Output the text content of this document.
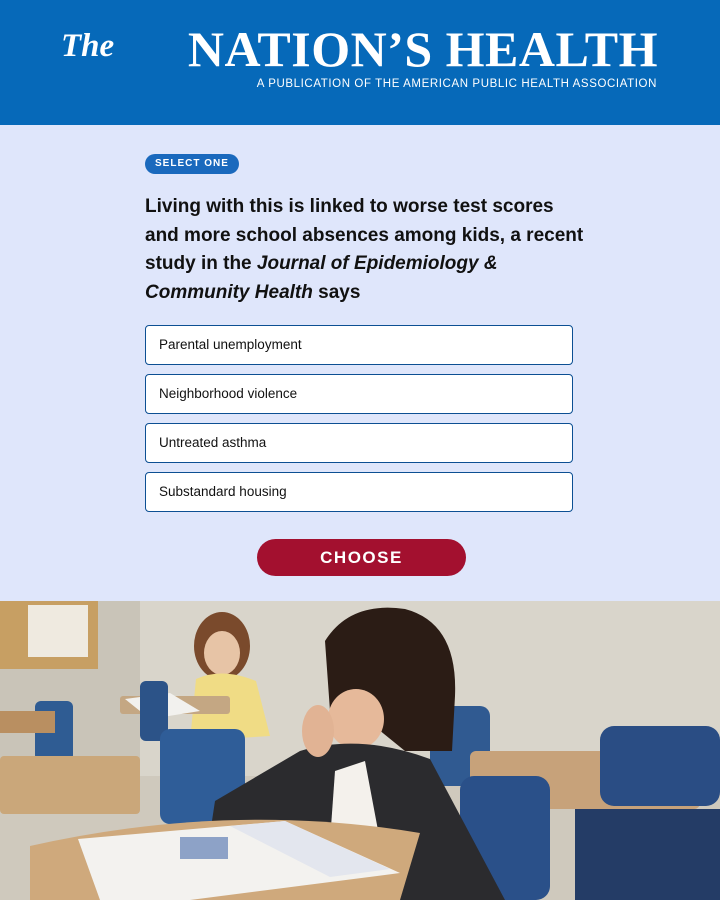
The	NATION’S HEALTH
A PUBLICATION OF THE AMERICAN PUBLIC HEALTH ASSOCIATION
SELECT ONE

Living with this is linked to worse test scores and more school absences among kids, a recent study in the Journal of Epidemiology & Community Health says

Parental unemployment
Neighborhood violence
Untreated asthma
Substandard housing
CHOOSE
